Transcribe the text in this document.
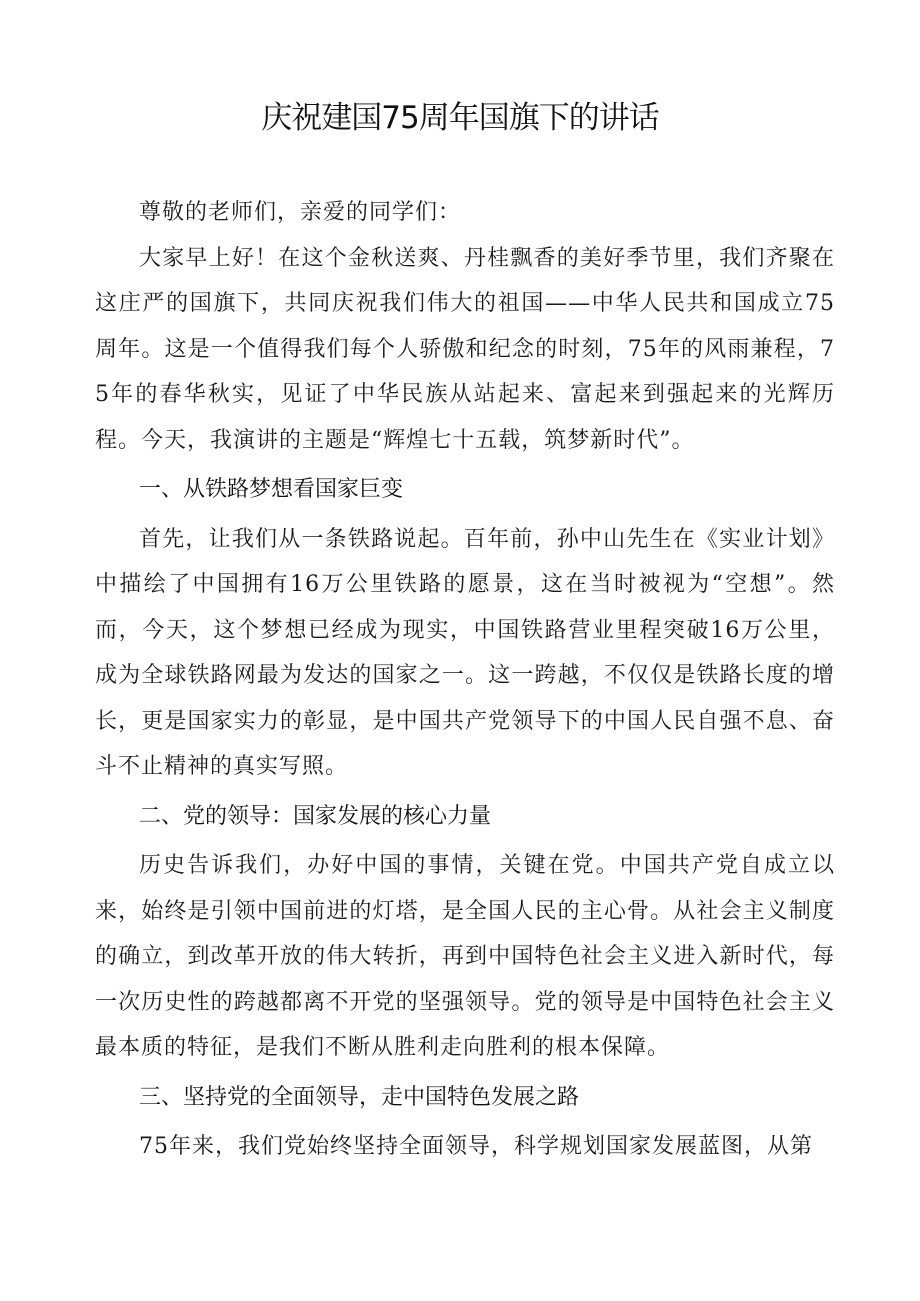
庆祝建国75周年国旗下的讲话

尊敬的老师们，亲爱的同学们：

大家早上好！在这个金秋送爽、丹桂飘香的美好季节里，我们齐聚在这庄严的国旗下，共同庆祝我们伟大的祖国——中华人民共和国成立75周年。这是一个值得我们每个人骄傲和纪念的时刻，75年的风雨兼程，75年的春华秋实，见证了中华民族从站起来、富起来到强起来的光辉历程。今天，我演讲的主题是“辉煌七十五载，筑梦新时代”。

一、从铁路梦想看国家巨变

首先，让我们从一条铁路说起。百年前，孙中山先生在《实业计划》中描绘了中国拥有16万公里铁路的愿景，这在当时被视为“空想”。然而，今天，这个梦想已经成为现实，中国铁路营业里程突破16万公里，成为全球铁路网最为发达的国家之一。这一跨越，不仅仅是铁路长度的增长，更是国家实力的彰显，是中国共产党领导下的中国人民自强不息、奋斗不止精神的真实写照。

二、党的领导：国家发展的核心力量

历史告诉我们，办好中国的事情，关键在党。中国共产党自成立以来，始终是引领中国前进的灯塔，是全国人民的主心骨。从社会主义制度的确立，到改革开放的伟大转折，再到中国特色社会主义进入新时代，每一次历史性的跨越都离不开党的坚强领导。党的领导是中国特色社会主义最本质的特征，是我们不断从胜利走向胜利的根本保障。

三、坚持党的全面领导，走中国特色发展之路

75年来，我们党始终坚持全面领导，科学规划国家发展蓝图，从第
